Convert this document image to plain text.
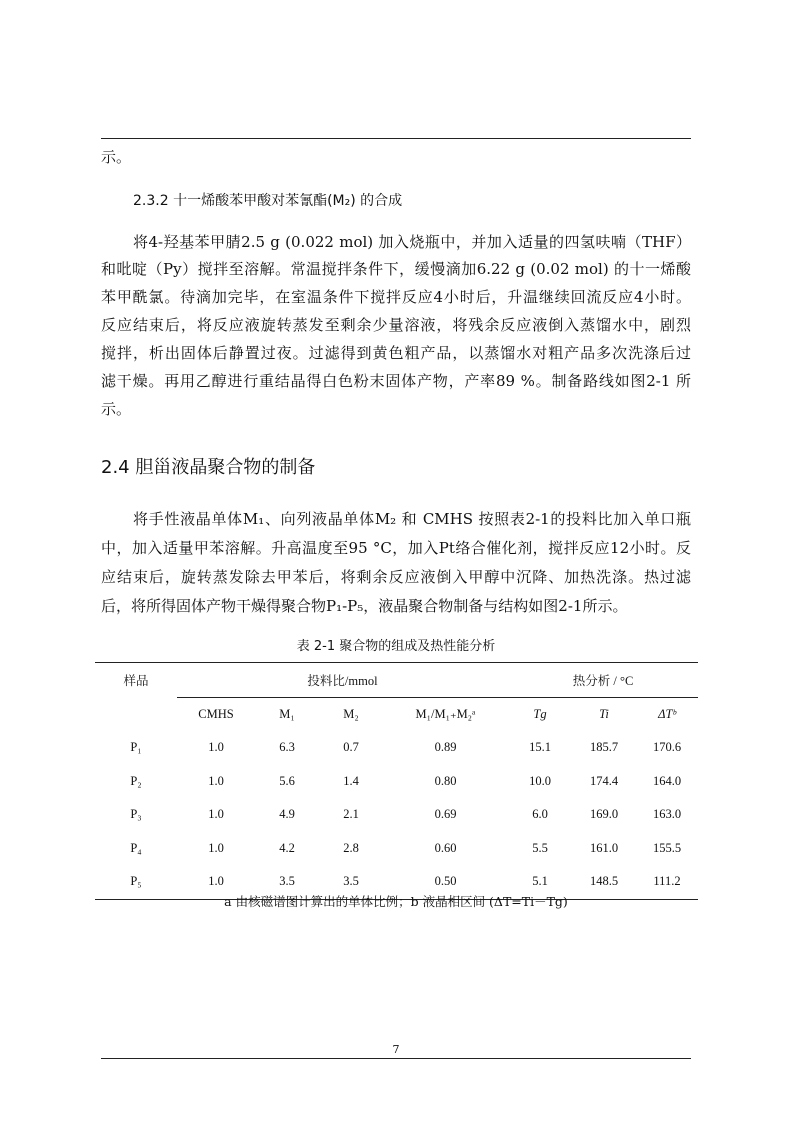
示。
2.3.2 十一烯酸苯甲酸对苯氰酯(M₂) 的合成
将4-羟基苯甲腈2.5 g (0.022 mol) 加入烧瓶中，并加入适量的四氢呋喃（THF）
和吡啶（Py）搅拌至溶解。常温搅拌条件下，缓慢滴加6.22 g (0.02 mol) 的十一烯酸
苯甲酰氯。待滴加完毕，在室温条件下搅拌反应4小时后，升温继续回流反应4小时。
反应结束后，将反应液旋转蒸发至剩余少量溶液，将残余反应液倒入蒸馏水中，剧烈
搅拌，析出固体后静置过夜。过滤得到黄色粗产品，以蒸馏水对粗产品多次洗涤后过
滤干燥。再用乙醇进行重结晶得白色粉末固体产物，产率89 %。制备路线如图2-1 所
示。
2.4 胆甾液晶聚合物的制备
将手性液晶单体M₁、向列液晶单体M₂ 和 CMHS 按照表2-1的投料比加入单口瓶
中，加入适量甲苯溶解。升高温度至95 °C，加入Pt络合催化剂，搅拌反应12小时。反
应结束后，旋转蒸发除去甲苯后，将剩余反应液倒入甲醇中沉降、加热洗涤。热过滤
后，将所得固体产物干燥得聚合物P₁-P₅，液晶聚合物制备与结构如图2-1所示。
表 2-1 聚合物的组成及热性能分析
样品	投料比/mmol				热分析 / °C		
	CMHS	M₁	M₂	M₁/M₁₊M₂ᵃ	Tg	Ti	ΔTᵇ
P₁	1.0	6.3	0.7	0.89	15.1	185.7	170.6
P₂	1.0	5.6	1.4	0.80	10.0	174.4	164.0
P₃	1.0	4.9	2.1	0.69	6.0	169.0	163.0
P₄	1.0	4.2	2.8	0.60	5.5	161.0	155.5
P₅	1.0	3.5	3.5	0.50	5.1	148.5	111.2
a 由核磁谱图计算出的单体比例；b 液晶相区间 (ΔT=Ti－Tg)
7
